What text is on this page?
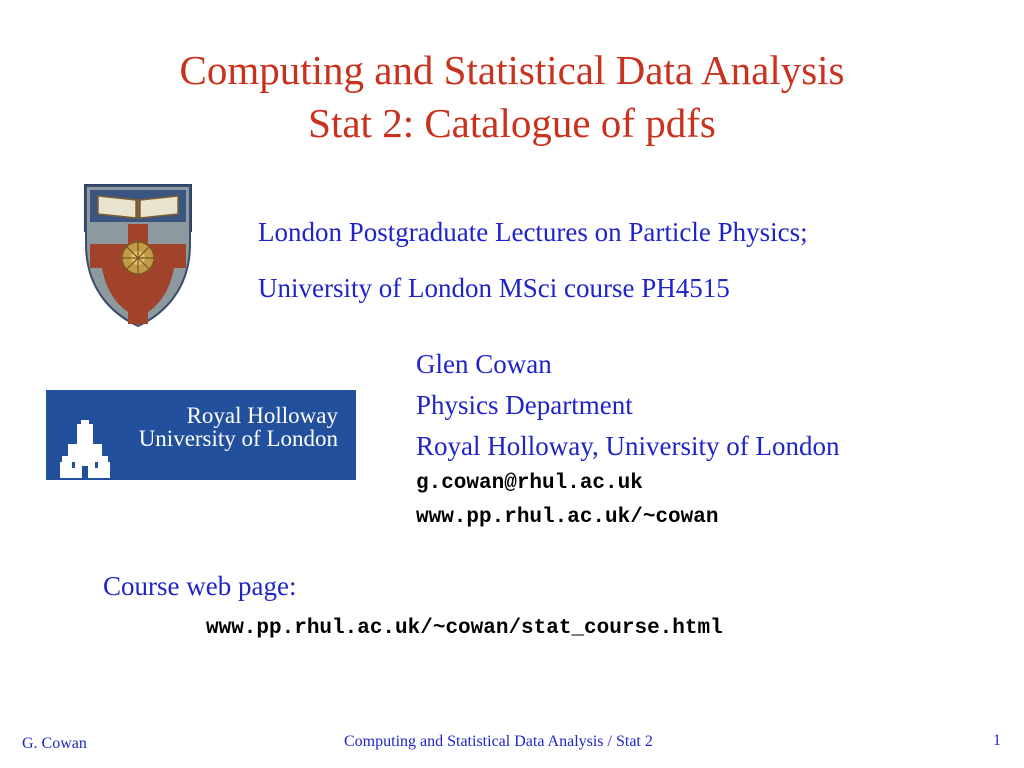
Computing and Statistical Data Analysis
Stat 2: Catalogue of pdfs
London Postgraduate Lectures on Particle Physics;
University of London MSci course PH4515
Royal Holloway
University of London
Glen Cowan
Physics Department
Royal Holloway, University of London
g.cowan@rhul.ac.uk
www.pp.rhul.ac.uk/~cowan
Course web page:
www.pp.rhul.ac.uk/~cowan/stat_course.html
G. Cowan	Computing and Statistical Data Analysis / Stat 2	1
